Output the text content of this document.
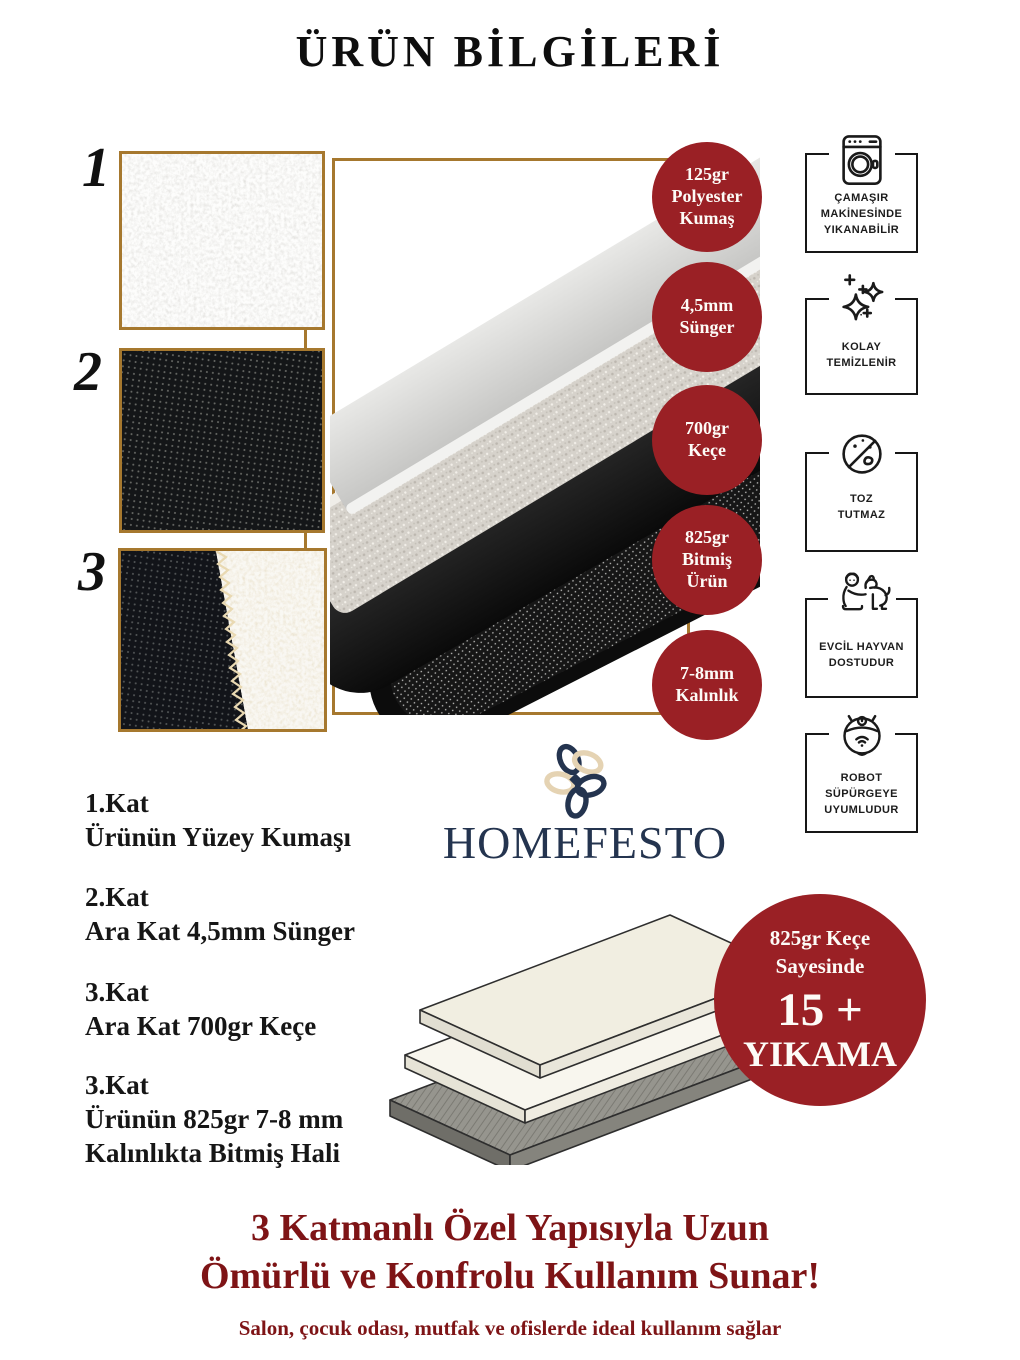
ÜRÜN BİLGİLERİ
1
2
3
125gr
Polyester
Kumaş
4,5mm
Sünger
700gr
Keçe
825gr
Bitmiş
Ürün
7-8mm
Kalınlık
ÇAMAŞIR
MAKİNESİNDE
YIKANABİLİR
KOLAY
TEMİZLENİR
TOZ
TUTMAZ
EVCİL HAYVAN
DOSTUDUR
ROBOT
SÜPÜRGEYE
UYUMLUDUR
1.Kat
Ürünün Yüzey Kumaşı
2.Kat
Ara Kat 4,5mm Sünger
3.Kat
Ara Kat 700gr Keçe
3.Kat
Ürünün 825gr 7-8 mm
Kalınlıkta Bitmiş Hali
HOMEFESTO
825gr Keçe
Sayesinde
15 +
YIKAMA
3 Katmanlı Özel Yapısıyla Uzun
Ömürlü ve Konfrolu Kullanım Sunar!
Salon, çocuk odası, mutfak ve ofislerde ideal kullanım sağlar
